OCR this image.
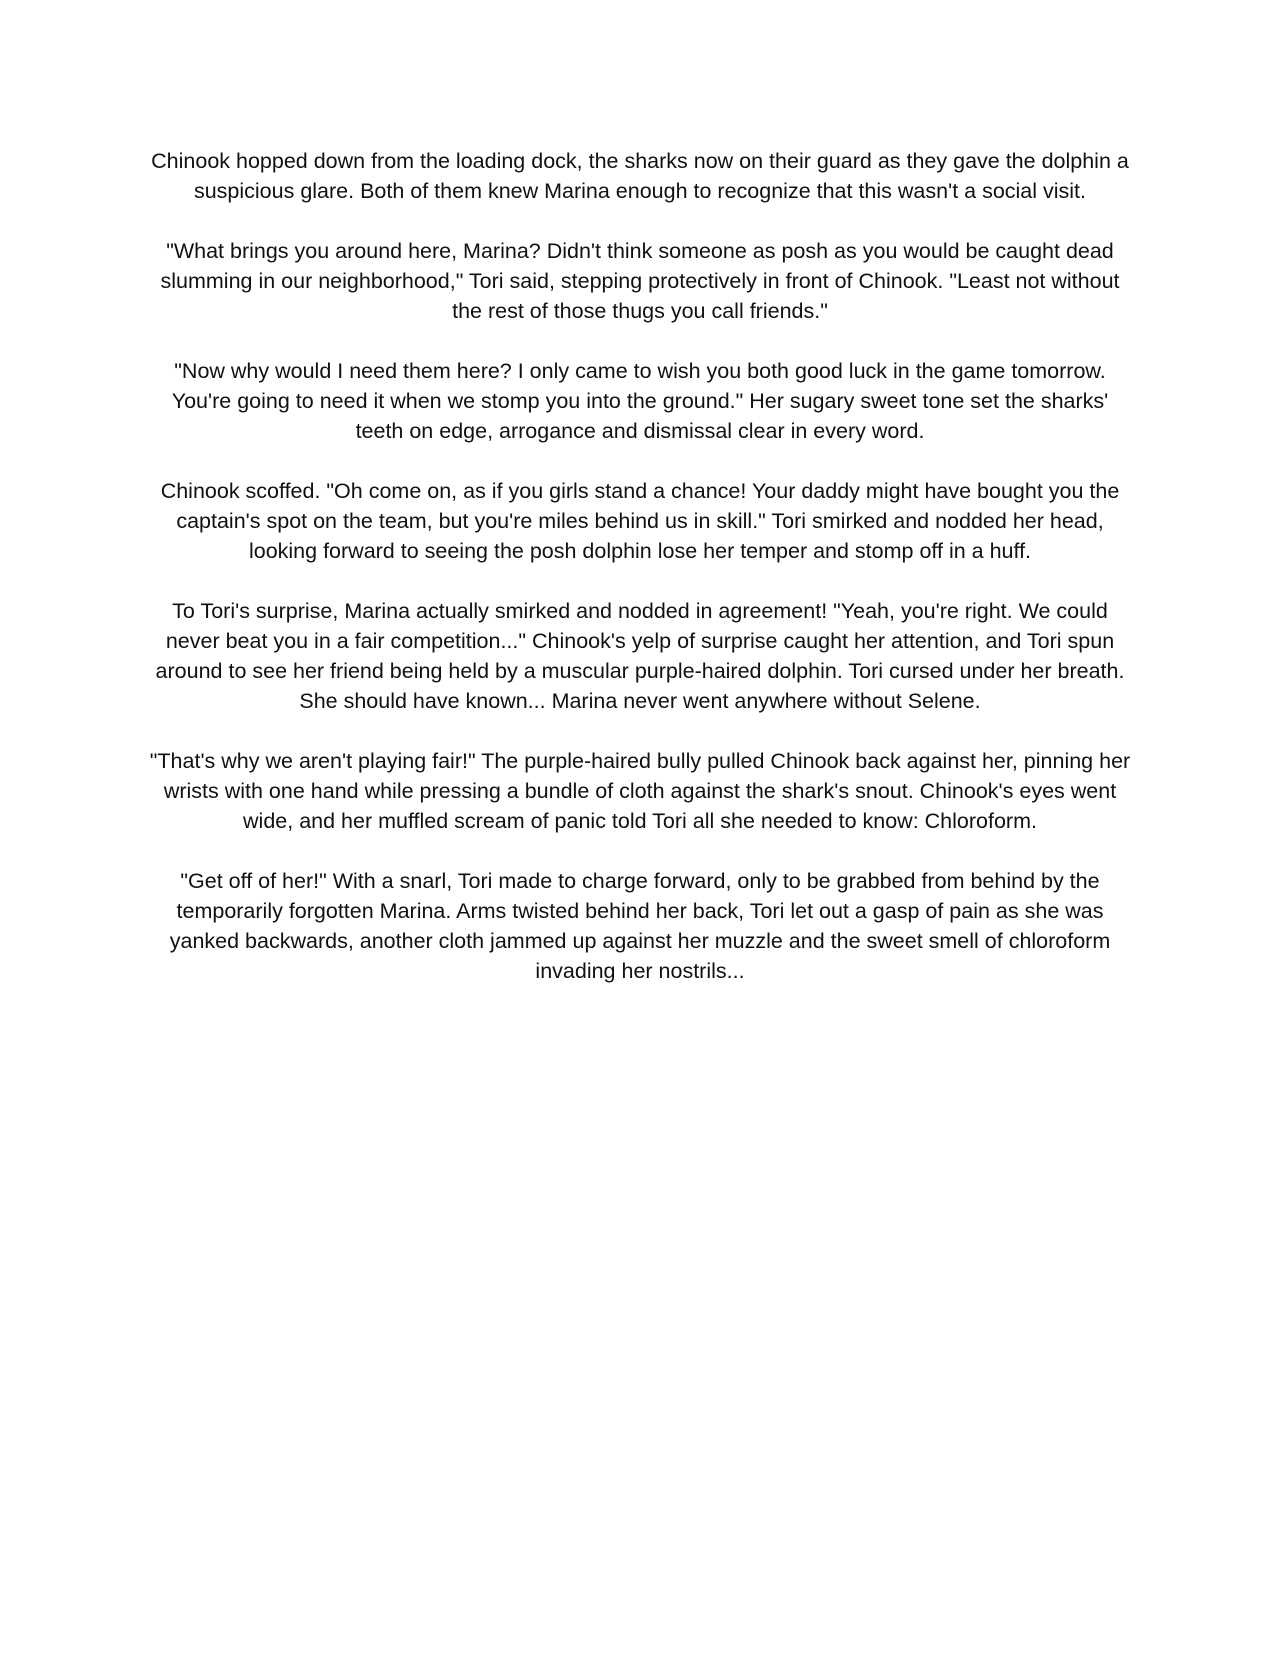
Chinook hopped down from the loading dock, the sharks now on their guard as they gave the dolphin a suspicious glare. Both of them knew Marina enough to recognize that this wasn't a social visit.

"What brings you around here, Marina? Didn't think someone as posh as you would be caught dead slumming in our neighborhood," Tori said, stepping protectively in front of Chinook. "Least not without the rest of those thugs you call friends."

"Now why would I need them here? I only came to wish you both good luck in the game tomorrow. You're going to need it when we stomp you into the ground." Her sugary sweet tone set the sharks' teeth on edge, arrogance and dismissal clear in every word.

Chinook scoffed. "Oh come on, as if you girls stand a chance! Your daddy might have bought you the captain's spot on the team, but you're miles behind us in skill." Tori smirked and nodded her head, looking forward to seeing the posh dolphin lose her temper and stomp off in a huff.

To Tori's surprise, Marina actually smirked and nodded in agreement! "Yeah, you're right. We could never beat you in a fair competition..." Chinook's yelp of surprise caught her attention, and Tori spun around to see her friend being held by a muscular purple-haired dolphin. Tori cursed under her breath. She should have known... Marina never went anywhere without Selene.

"That's why we aren't playing fair!" The purple-haired bully pulled Chinook back against her, pinning her wrists with one hand while pressing a bundle of cloth against the shark's snout. Chinook's eyes went wide, and her muffled scream of panic told Tori all she needed to know: Chloroform.

"Get off of her!" With a snarl, Tori made to charge forward, only to be grabbed from behind by the temporarily forgotten Marina. Arms twisted behind her back, Tori let out a gasp of pain as she was yanked backwards, another cloth jammed up against her muzzle and the sweet smell of chloroform invading her nostrils...
